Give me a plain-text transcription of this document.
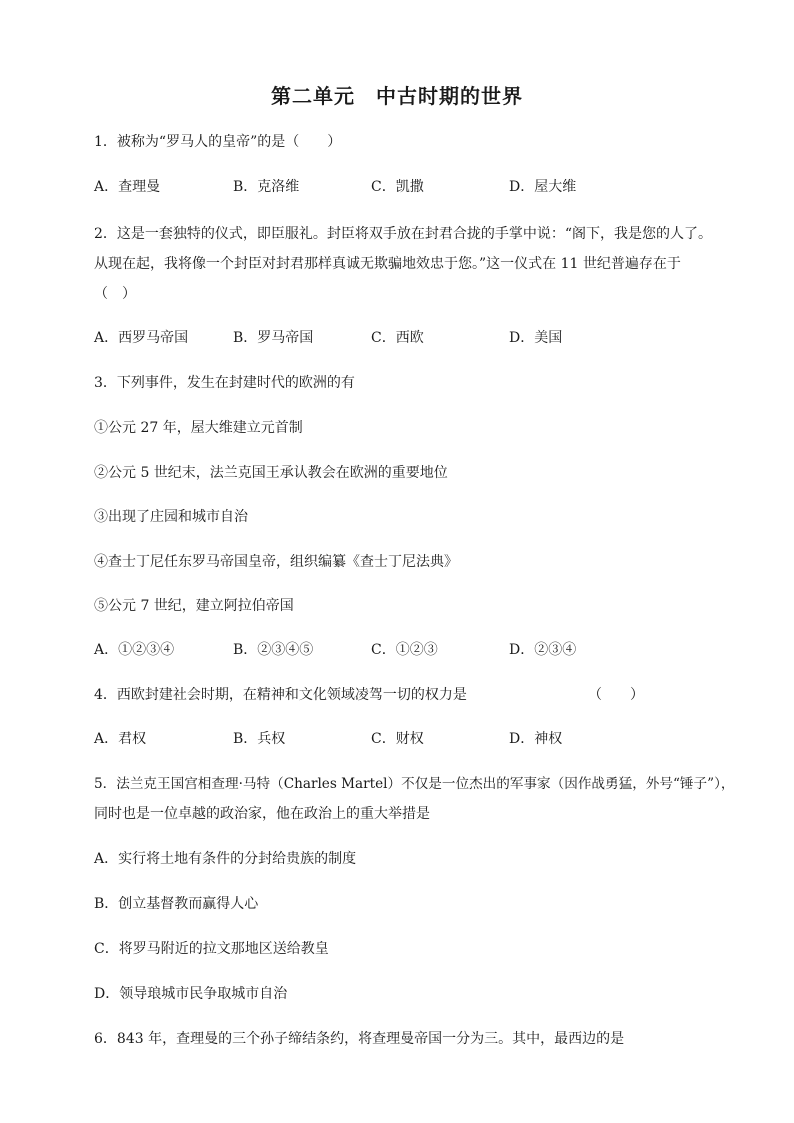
第二单元　中古时期的世界
1．被称为“罗马人的皇帝”的是（　　）
A．查理曼	B．克洛维	C．凯撒	D．屋大维
2．这是一套独特的仪式，即臣服礼。封臣将双手放在封君合拢的手掌中说：“阁下，我是您的人了。
从现在起，我将像一个封臣对封君那样真诚无欺骗地效忠于您。”这一仪式在 11 世纪普遍存在于
（　）
A．西罗马帝国	B．罗马帝国	C．西欧	D．美国
3．下列事件，发生在封建时代的欧洲的有
①公元 27 年，屋大维建立元首制
②公元 5 世纪末，法兰克国王承认教会在欧洲的重要地位
③出现了庄园和城市自治
④查士丁尼任东罗马帝国皇帝，组织编纂《查士丁尼法典》
⑤公元 7 世纪，建立阿拉伯帝国
A．①②③④	B．②③④⑤	C．①②③	D．②③④
4．西欧封建社会时期，在精神和文化领域凌驾一切的权力是	（　　）
A．君权	B．兵权	C．财权	D．神权
5．法兰克王国宫相查理·马特（Charles Martel）不仅是一位杰出的军事家（因作战勇猛，外号“锤子”），
同时也是一位卓越的政治家，他在政治上的重大举措是
A．实行将土地有条件的分封给贵族的制度
B．创立基督教而赢得人心
C．将罗马附近的拉文那地区送给教皇
D．领导琅城市民争取城市自治
6．843 年，查理曼的三个孙子缔结条约，将查理曼帝国一分为三。其中，最西边的是
